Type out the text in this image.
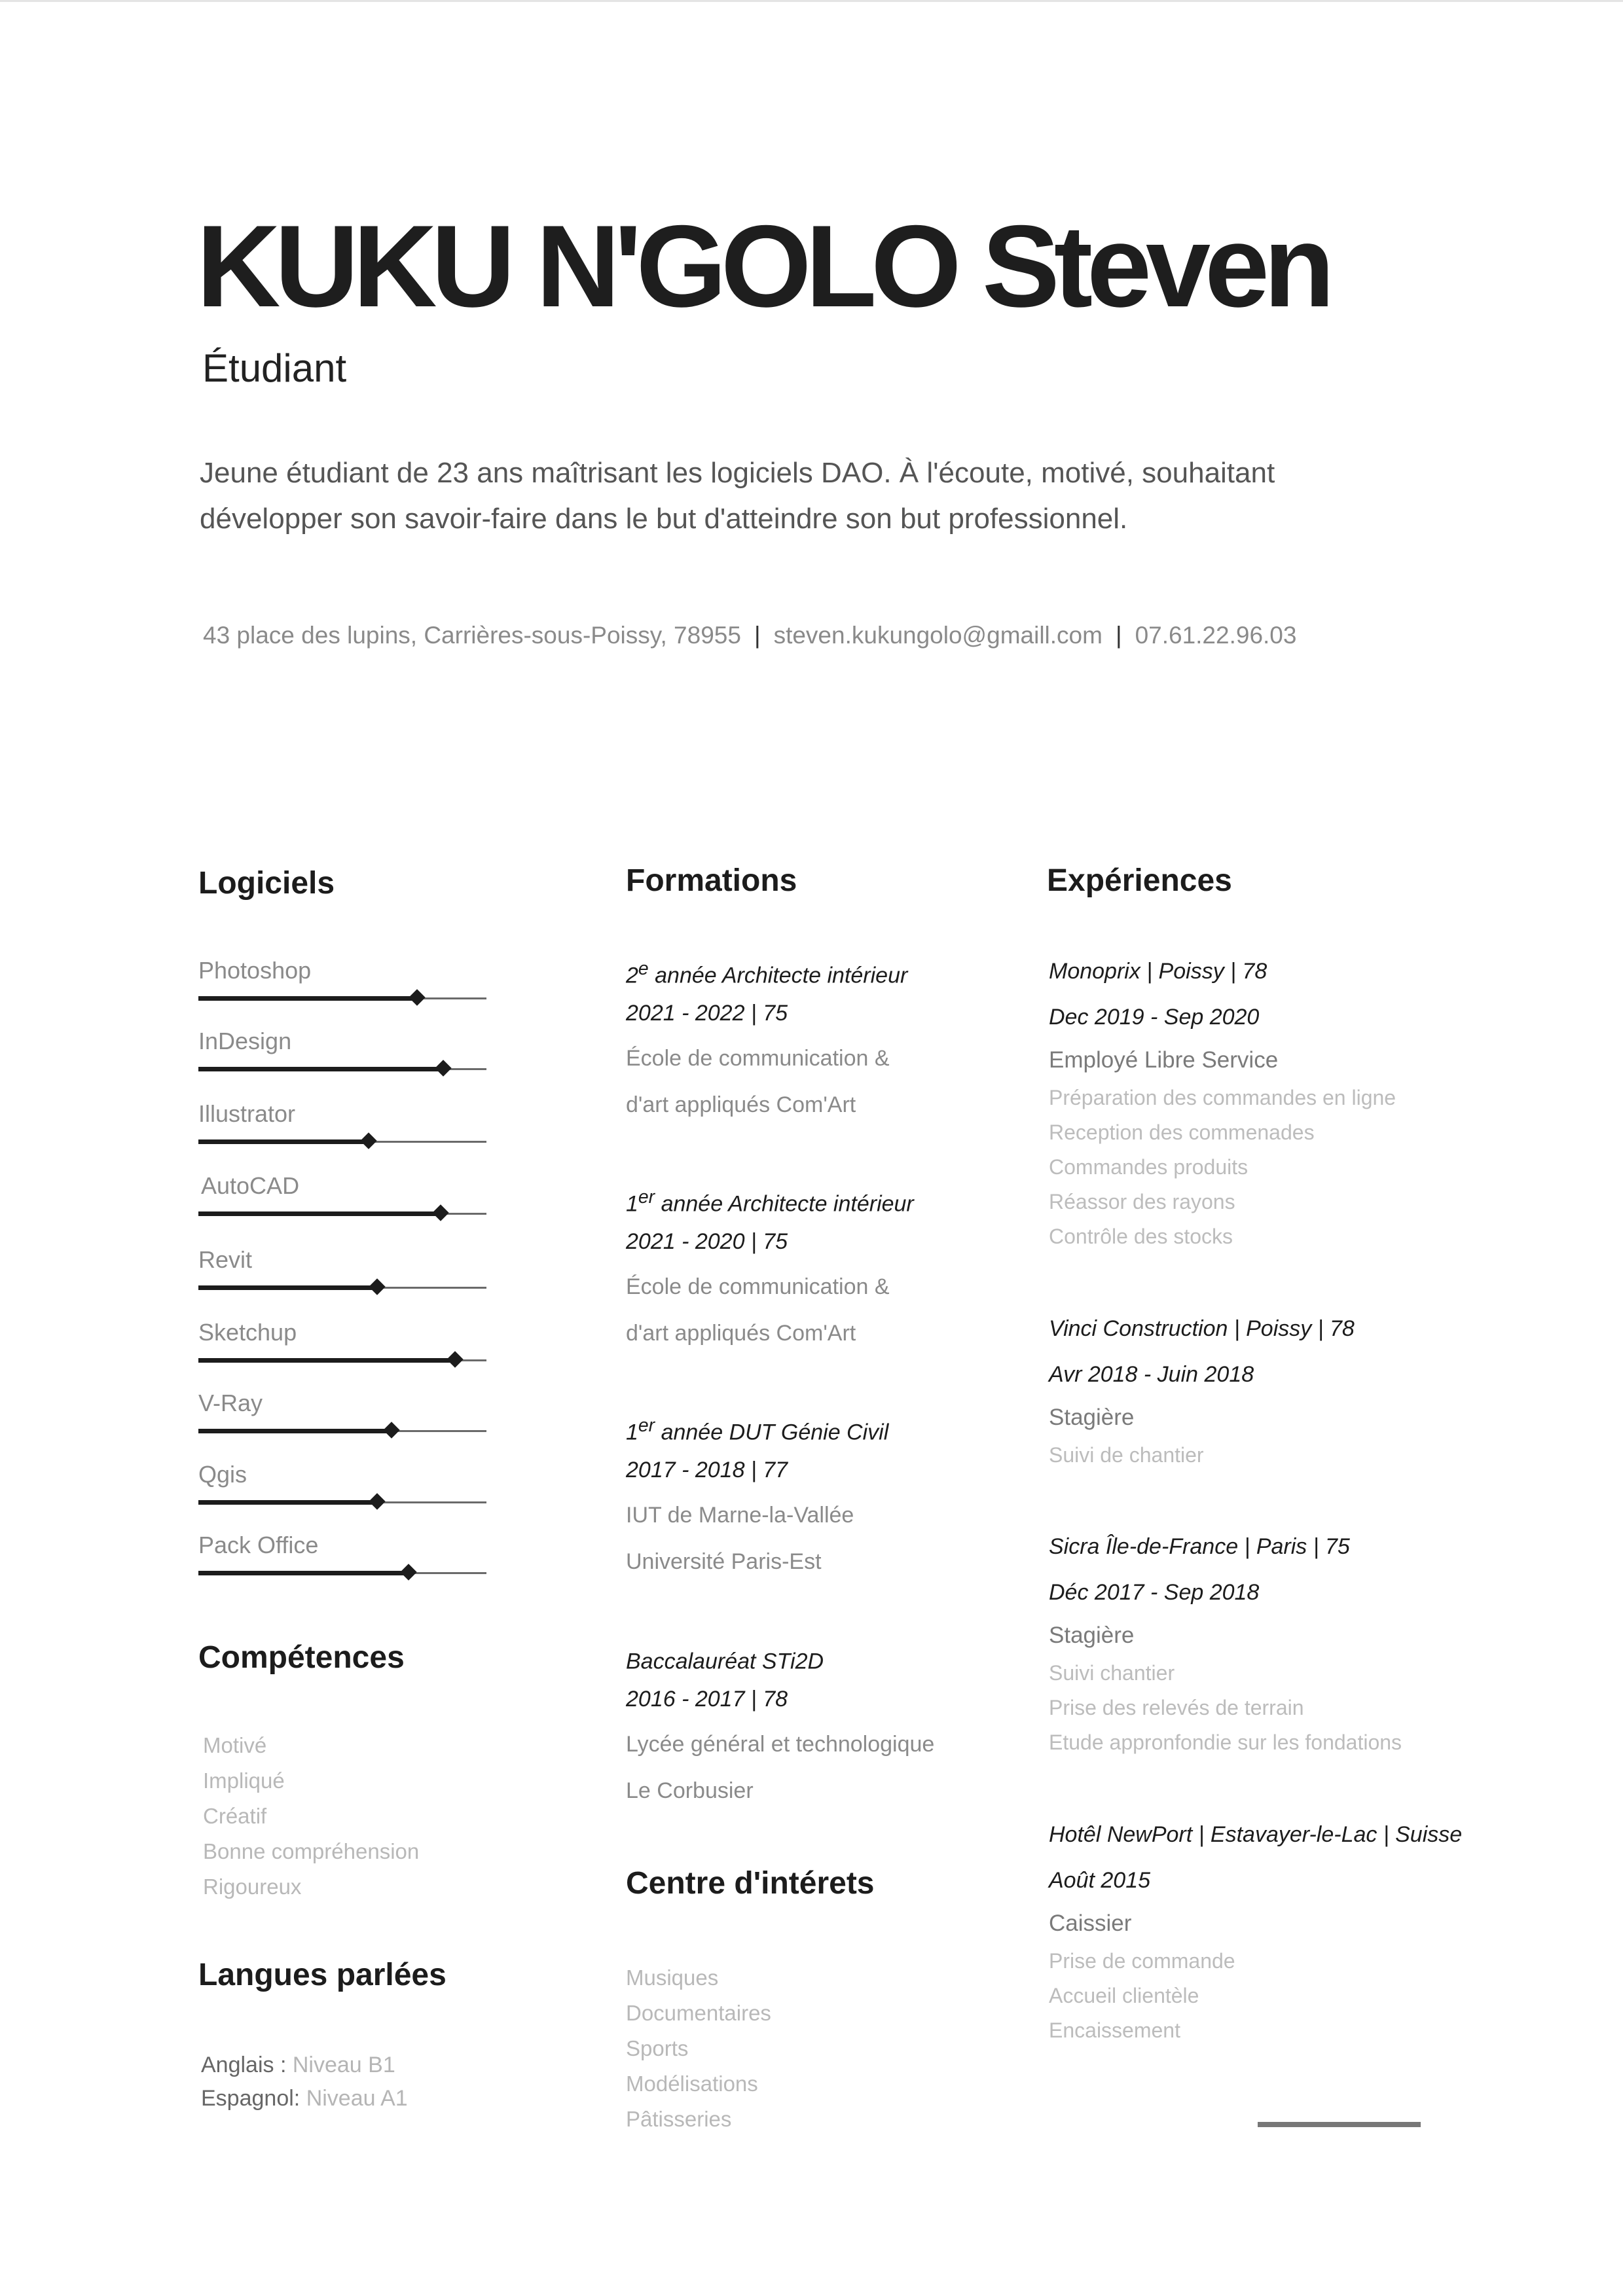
KUKU N'GOLO Steven
Étudiant

Jeune étudiant de 23 ans maîtrisant les logiciels DAO. À l'écoute, motivé, souhaitant développer son savoir-faire dans le but d'atteindre son but professionnel.

43 place des lupins, Carrières-sous-Poissy, 78955 | steven.kukungolo@gmaill.com | 07.61.22.96.03
Logiciels
Photoshop
InDesign
Illustrator
AutoCAD
Revit
Sketchup
V-Ray
Qgis
Pack Office
Compétences
Motivé
Impliqué
Créatif
Bonne compréhension
Rigoureux
Langues parlées
Anglais : Niveau B1
Espagnol: Niveau A1
Formations
2e année Architecte intérieur
2021 - 2022 | 75
École de communication &
d'art appliqués Com'Art
1er année Architecte intérieur
2021 - 2020 | 75
École de communication &
d'art appliqués Com'Art
1er année DUT Génie Civil
2017 - 2018 | 77
IUT de Marne-la-Vallée
Université Paris-Est
Baccalauréat STi2D
2016 - 2017 | 78
Lycée général et technologique
Le Corbusier
Centre d'intérets
Musiques
Documentaires
Sports
Modélisations
Pâtisseries
Expériences
Monoprix | Poissy | 78
Dec 2019 - Sep 2020
Employé Libre Service
Préparation des commandes en ligne
Reception des commenades
Commandes produits
Réassor des rayons
Contrôle des stocks
Vinci Construction | Poissy | 78
Avr 2018 - Juin 2018
Stagière
Suivi de chantier
Sicra Île-de-France | Paris | 75
Déc 2017 - Sep 2018
Stagière
Suivi chantier
Prise des relevés de terrain
Etude appronfondie sur les fondations
Hotêl NewPort | Estavayer-le-Lac | Suisse
Août 2015
Caissier
Prise de commande
Accueil clientèle
Encaissement
